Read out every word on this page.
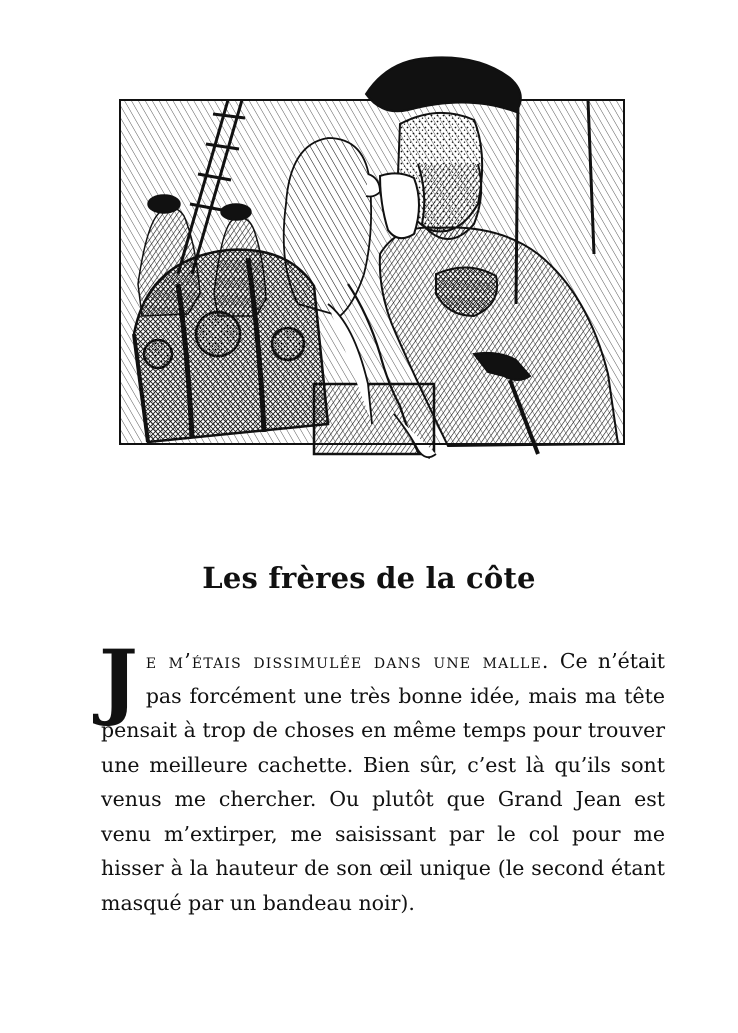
Les frères de la côte

Je m’étais dissimulée dans une malle. Ce n’était pas forcément une très bonne idée, mais ma tête pensait à trop de choses en même temps pour trouver une meilleure cachette. Bien sûr, c’est là qu’ils sont venus me chercher. Ou plutôt que Grand Jean est venu m’extirper, me saisissant par le col pour me hisser à la hauteur de son œil unique (le second étant masqué par un bandeau noir).
